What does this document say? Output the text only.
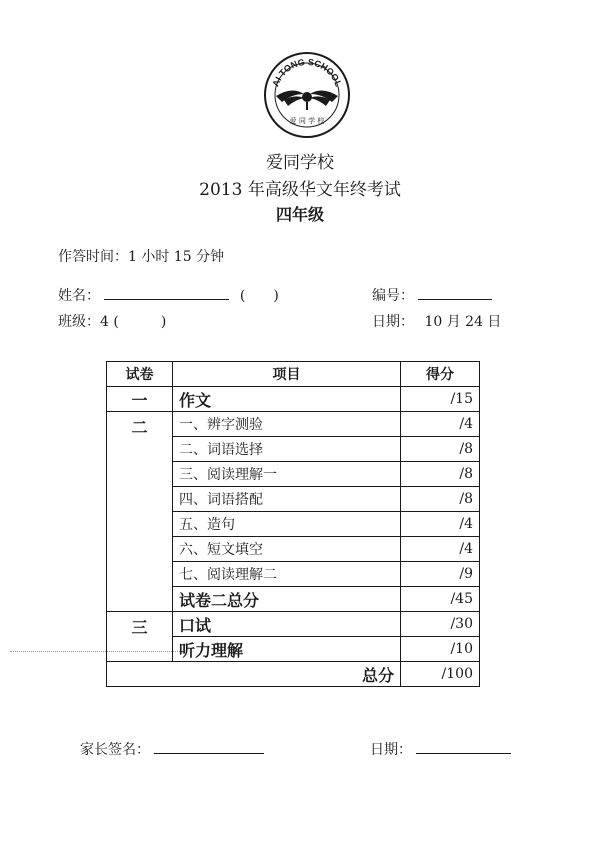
AI TONG SCHOOL
爱 同 学 校
爱同学校
2013 年高级华文年终考试
四年级
作答时间：1 小时 15 分钟
姓名：	(　　)	编号：
班级：4 (　　　)	日期： 10 月 24 日
试卷	项目	得分
一	作文	/15
二	一、辨字测验	/4
	二、词语选择	/8
	三、阅读理解一	/8
	四、词语搭配	/8
	五、造句	/4
	六、短文填空	/4
	七、阅读理解二	/9
	试卷二总分	/45
三	口试	/30
	听力理解	/10
总分		/100
家长签名：	日期：
